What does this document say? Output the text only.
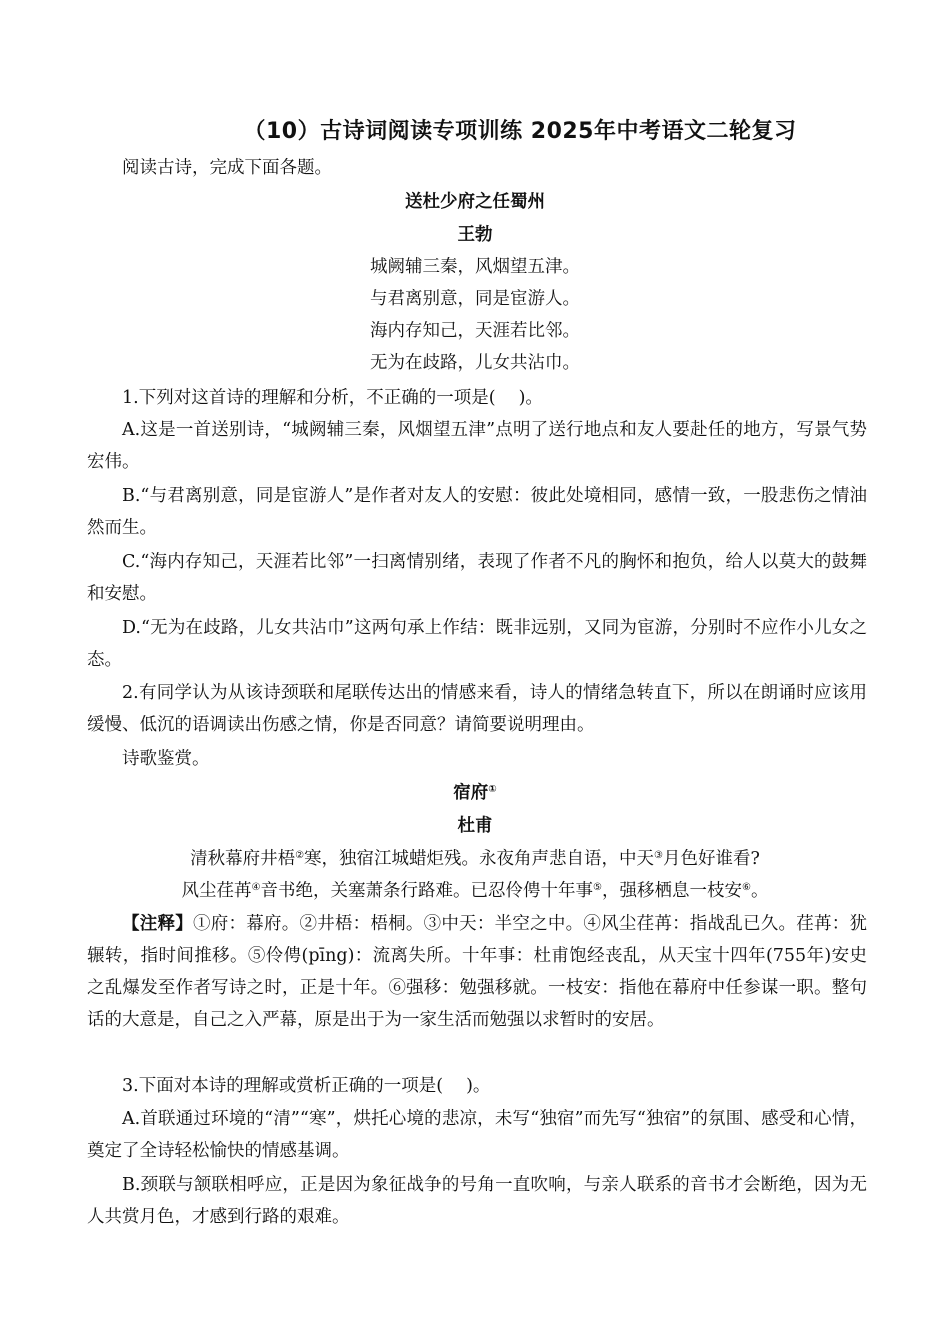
（10）古诗词阅读专项训练 2025年中考语文二轮复习
阅读古诗，完成下面各题。
送杜少府之任蜀州
王勃
城阙辅三秦，风烟望五津。
与君离别意，同是宦游人。
海内存知己，天涯若比邻。
无为在歧路，儿女共沾巾。
1.下列对这首诗的理解和分析，不正确的一项是(　 )。
A.这是一首送别诗，“城阙辅三秦，风烟望五津”点明了送行地点和友人要赴任的地方，写景气势宏伟。
B.“与君离别意，同是宦游人”是作者对友人的安慰：彼此处境相同，感情一致，一股悲伤之情油然而生。
C.“海内存知己，天涯若比邻”一扫离情别绪，表现了作者不凡的胸怀和抱负，给人以莫大的鼓舞和安慰。
D.“无为在歧路，儿女共沾巾”这两句承上作结：既非远别，又同为宦游，分别时不应作小儿女之态。
2.有同学认为从该诗颈联和尾联传达出的情感来看，诗人的情绪急转直下，所以在朗诵时应该用缓慢、低沉的语调读出伤感之情，你是否同意？请简要说明理由。
诗歌鉴赏。
宿府①
杜甫
清秋幕府井梧②寒，独宿江城蜡炬残。永夜角声悲自语，中天③月色好谁看?
风尘荏苒④音书绝，关塞萧条行路难。已忍伶俜十年事⑤，强移栖息一枝安⑥。
【注释】①府：幕府。②井梧：梧桐。③中天：半空之中。④风尘荏苒：指战乱已久。荏苒：犹辗转，指时间推移。⑤伶俜(pīng)：流离失所。十年事：杜甫饱经丧乱，从天宝十四年(755年)安史之乱爆发至作者写诗之时，正是十年。⑥强移：勉强移就。一枝安：指他在幕府中任参谋一职。整句话的大意是，自己之入严幕，原是出于为一家生活而勉强以求暂时的安居。
3.下面对本诗的理解或赏析正确的一项是(　 )。
A.首联通过环境的“清”“寒”，烘托心境的悲凉，未写“独宿”而先写“独宿”的氛围、感受和心情，奠定了全诗轻松愉快的情感基调。
B.颈联与颔联相呼应，正是因为象征战争的号角一直吹响，与亲人联系的音书才会断绝，因为无人共赏月色，才感到行路的艰难。
